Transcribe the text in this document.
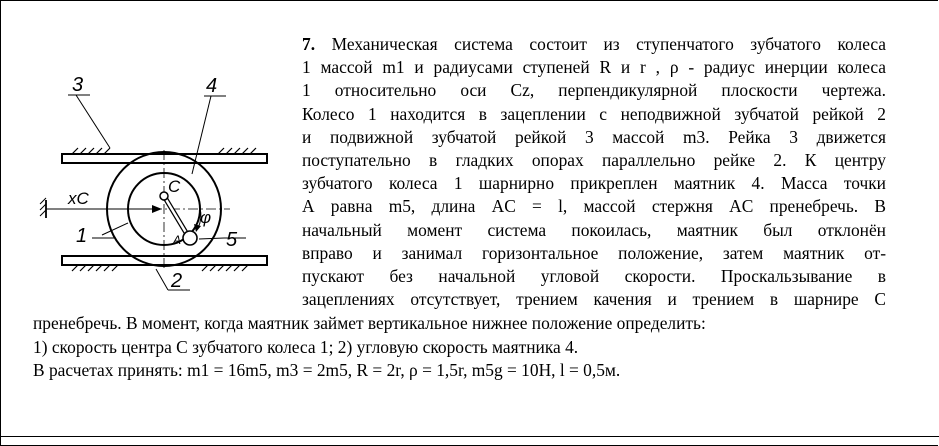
3	4
1	5
2
C
A
φ
xC
7. Механическая система состоит из ступенчатого зубчатого колеса
1 массой m1 и радиусами ступеней R и r , ρ - радиус инерции колеса
1 относительно оси Cz, перпендикулярной плоскости чертежа.
Колесо 1 находится в зацеплении с неподвижной зубчатой рейкой 2
и подвижной зубчатой рейкой 3 массой m3. Рейка 3 движется
поступательно в гладких опорах параллельно рейке 2. К центру
зубчатого колеса 1 шарнирно прикреплен маятник 4. Масса точки
А равна m5, длина AC = l, массой стержня AC пренебречь. В
начальный момент система покоилась, маятник был отклонён
вправо и занимал горизонтальное положение, затем маятник от-
пускают без начальной угловой скорости. Проскальзывание в
зацеплениях отсутствует, трением качения и трением в шарнире С
пренебречь. В момент, когда маятник займет вертикальное нижнее положение определить:
1) скорость центра С зубчатого колеса 1; 2) угловую скорость маятника 4.
В расчетах принять: m1 = 16m5, m3 = 2m5, R = 2r, ρ = 1,5r, m5g = 10H, l = 0,5м.
